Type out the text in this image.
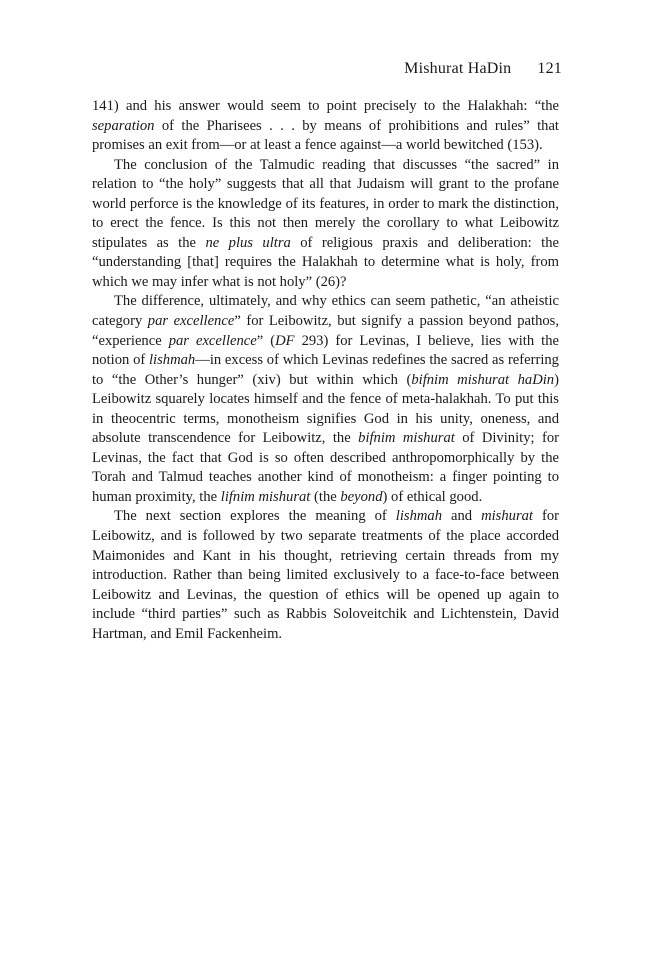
Mishurat HaDin 121

141) and his answer would seem to point precisely to the Halakhah: “the separation of the Pharisees . . . by means of prohibitions and rules” that promises an exit from—or at least a fence against—a world bewitched (153).

The conclusion of the Talmudic reading that discusses “the sacred” in relation to “the holy” suggests that all that Judaism will grant to the profane world perforce is the knowledge of its features, in order to mark the distinction, to erect the fence. Is this not then merely the corollary to what Leibowitz stipulates as the ne plus ultra of religious praxis and deliberation: the “understanding [that] requires the Halakhah to determine what is holy, from which we may infer what is not holy” (26)?

The difference, ultimately, and why ethics can seem pathetic, “an atheistic category par excellence” for Leibowitz, but signify a passion beyond pathos, “experience par excellence” (DF 293) for Levinas, I believe, lies with the notion of lishmah—in excess of which Levinas redefines the sacred as referring to “the Other’s hunger” (xiv) but within which (bifnim mishurat haDin) Leibowitz squarely locates himself and the fence of meta-halakhah. To put this in theocentric terms, monotheism signifies God in his unity, oneness, and absolute transcendence for Leibowitz, the bifnim mishurat of Divinity; for Levinas, the fact that God is so often described anthropomorphically by the Torah and Talmud teaches another kind of monotheism: a finger pointing to human proximity, the lifnim mishurat (the beyond) of ethical good.

The next section explores the meaning of lishmah and mishurat for Leibowitz, and is followed by two separate treatments of the place accorded Maimonides and Kant in his thought, retrieving certain threads from my introduction. Rather than being limited exclusively to a face-to-face between Leibowitz and Levinas, the question of ethics will be opened up again to include “third parties” such as Rabbis Soloveitchik and Lichtenstein, David Hartman, and Emil Fackenheim.
